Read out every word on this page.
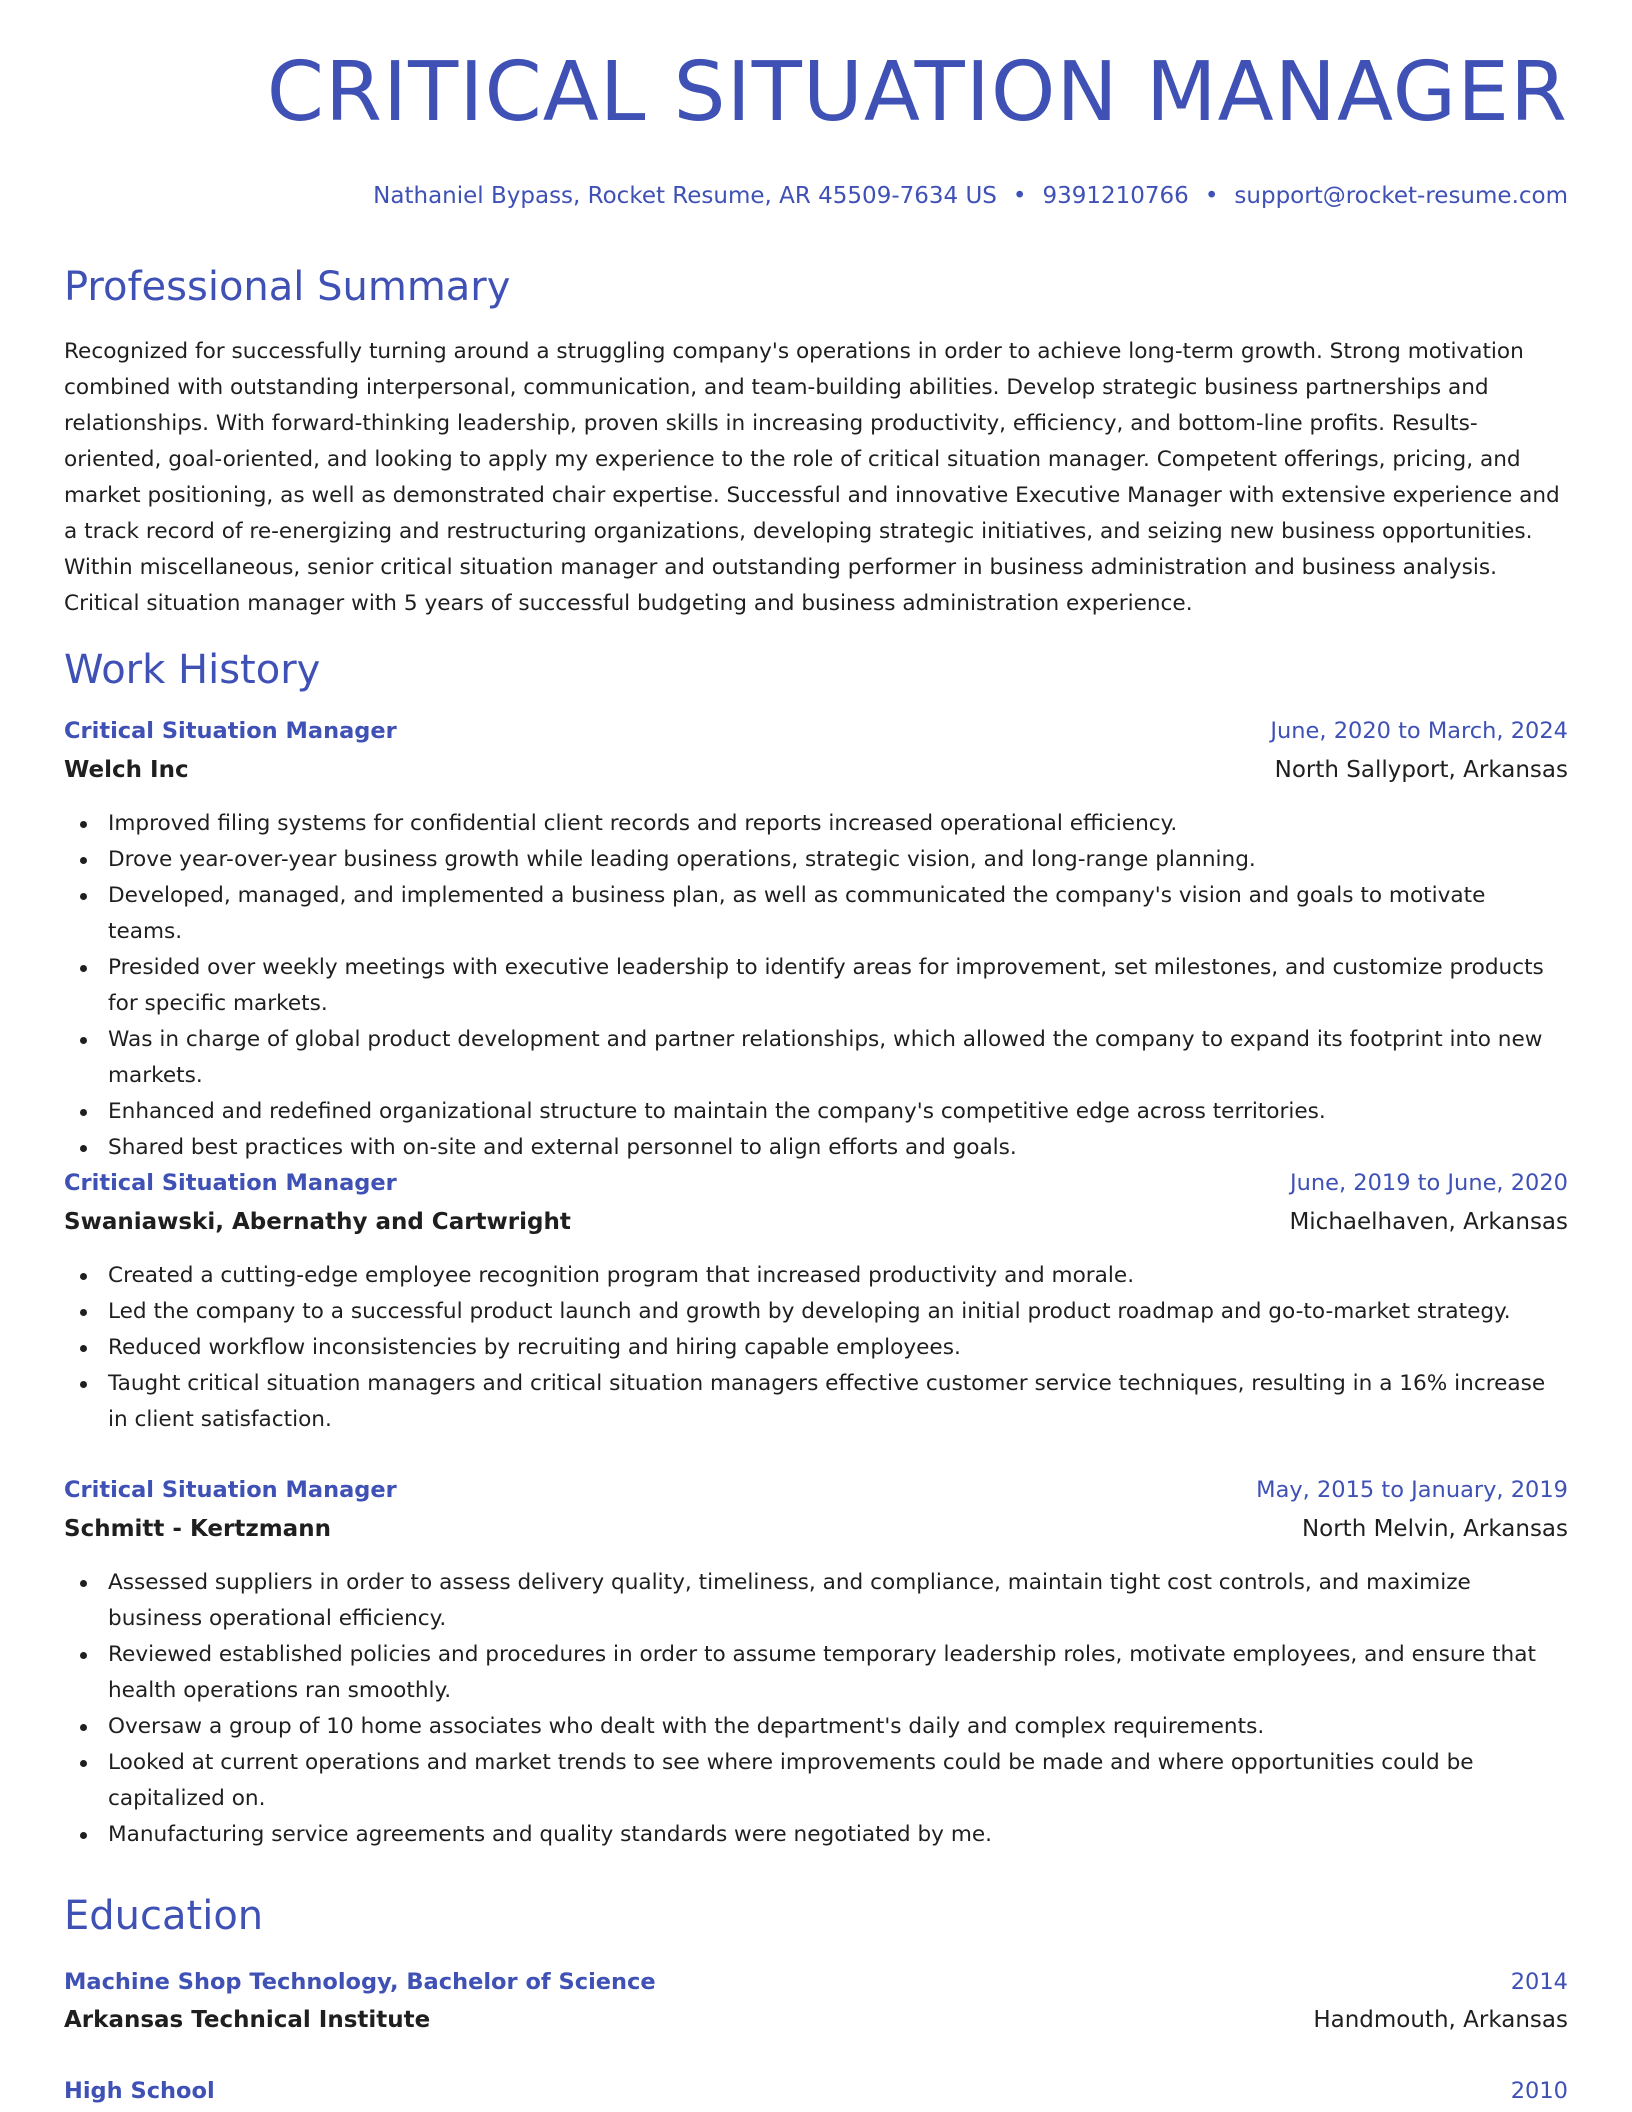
CRITICAL SITUATION MANAGER
Nathaniel Bypass, Rocket Resume, AR 45509-7634 US • 9391210766 • support@rocket-resume.com
Professional Summary
Recognized for successfully turning around a struggling company's operations in order to achieve long-term growth. Strong motivation combined with outstanding interpersonal, communication, and team-building abilities. Develop strategic business partnerships and relationships. With forward-thinking leadership, proven skills in increasing productivity, efficiency, and bottom-line profits. Results-oriented, goal-oriented, and looking to apply my experience to the role of critical situation manager. Competent offerings, pricing, and market positioning, as well as demonstrated chair expertise. Successful and innovative Executive Manager with extensive experience and a track record of re-energizing and restructuring organizations, developing strategic initiatives, and seizing new business opportunities. Within miscellaneous, senior critical situation manager and outstanding performer in business administration and business analysis. Critical situation manager with 5 years of successful budgeting and business administration experience.
Work History
Critical Situation Manager	June, 2020 to March, 2024
Welch Inc	North Sallyport, Arkansas
Improved filing systems for confidential client records and reports increased operational efficiency.
Drove year-over-year business growth while leading operations, strategic vision, and long-range planning.
Developed, managed, and implemented a business plan, as well as communicated the company's vision and goals to motivate teams.
Presided over weekly meetings with executive leadership to identify areas for improvement, set milestones, and customize products for specific markets.
Was in charge of global product development and partner relationships, which allowed the company to expand its footprint into new markets.
Enhanced and redefined organizational structure to maintain the company's competitive edge across territories.
Shared best practices with on-site and external personnel to align efforts and goals.
Critical Situation Manager	June, 2019 to June, 2020
Swaniawski, Abernathy and Cartwright	Michaelhaven, Arkansas
Created a cutting-edge employee recognition program that increased productivity and morale.
Led the company to a successful product launch and growth by developing an initial product roadmap and go-to-market strategy.
Reduced workflow inconsistencies by recruiting and hiring capable employees.
Taught critical situation managers and critical situation managers effective customer service techniques, resulting in a 16% increase in client satisfaction.
Critical Situation Manager	May, 2015 to January, 2019
Schmitt - Kertzmann	North Melvin, Arkansas
Assessed suppliers in order to assess delivery quality, timeliness, and compliance, maintain tight cost controls, and maximize business operational efficiency.
Reviewed established policies and procedures in order to assume temporary leadership roles, motivate employees, and ensure that health operations ran smoothly.
Oversaw a group of 10 home associates who dealt with the department's daily and complex requirements.
Looked at current operations and market trends to see where improvements could be made and where opportunities could be capitalized on.
Manufacturing service agreements and quality standards were negotiated by me.
Education
Machine Shop Technology, Bachelor of Science	2014
Arkansas Technical Institute	Handmouth, Arkansas
High School	2010
